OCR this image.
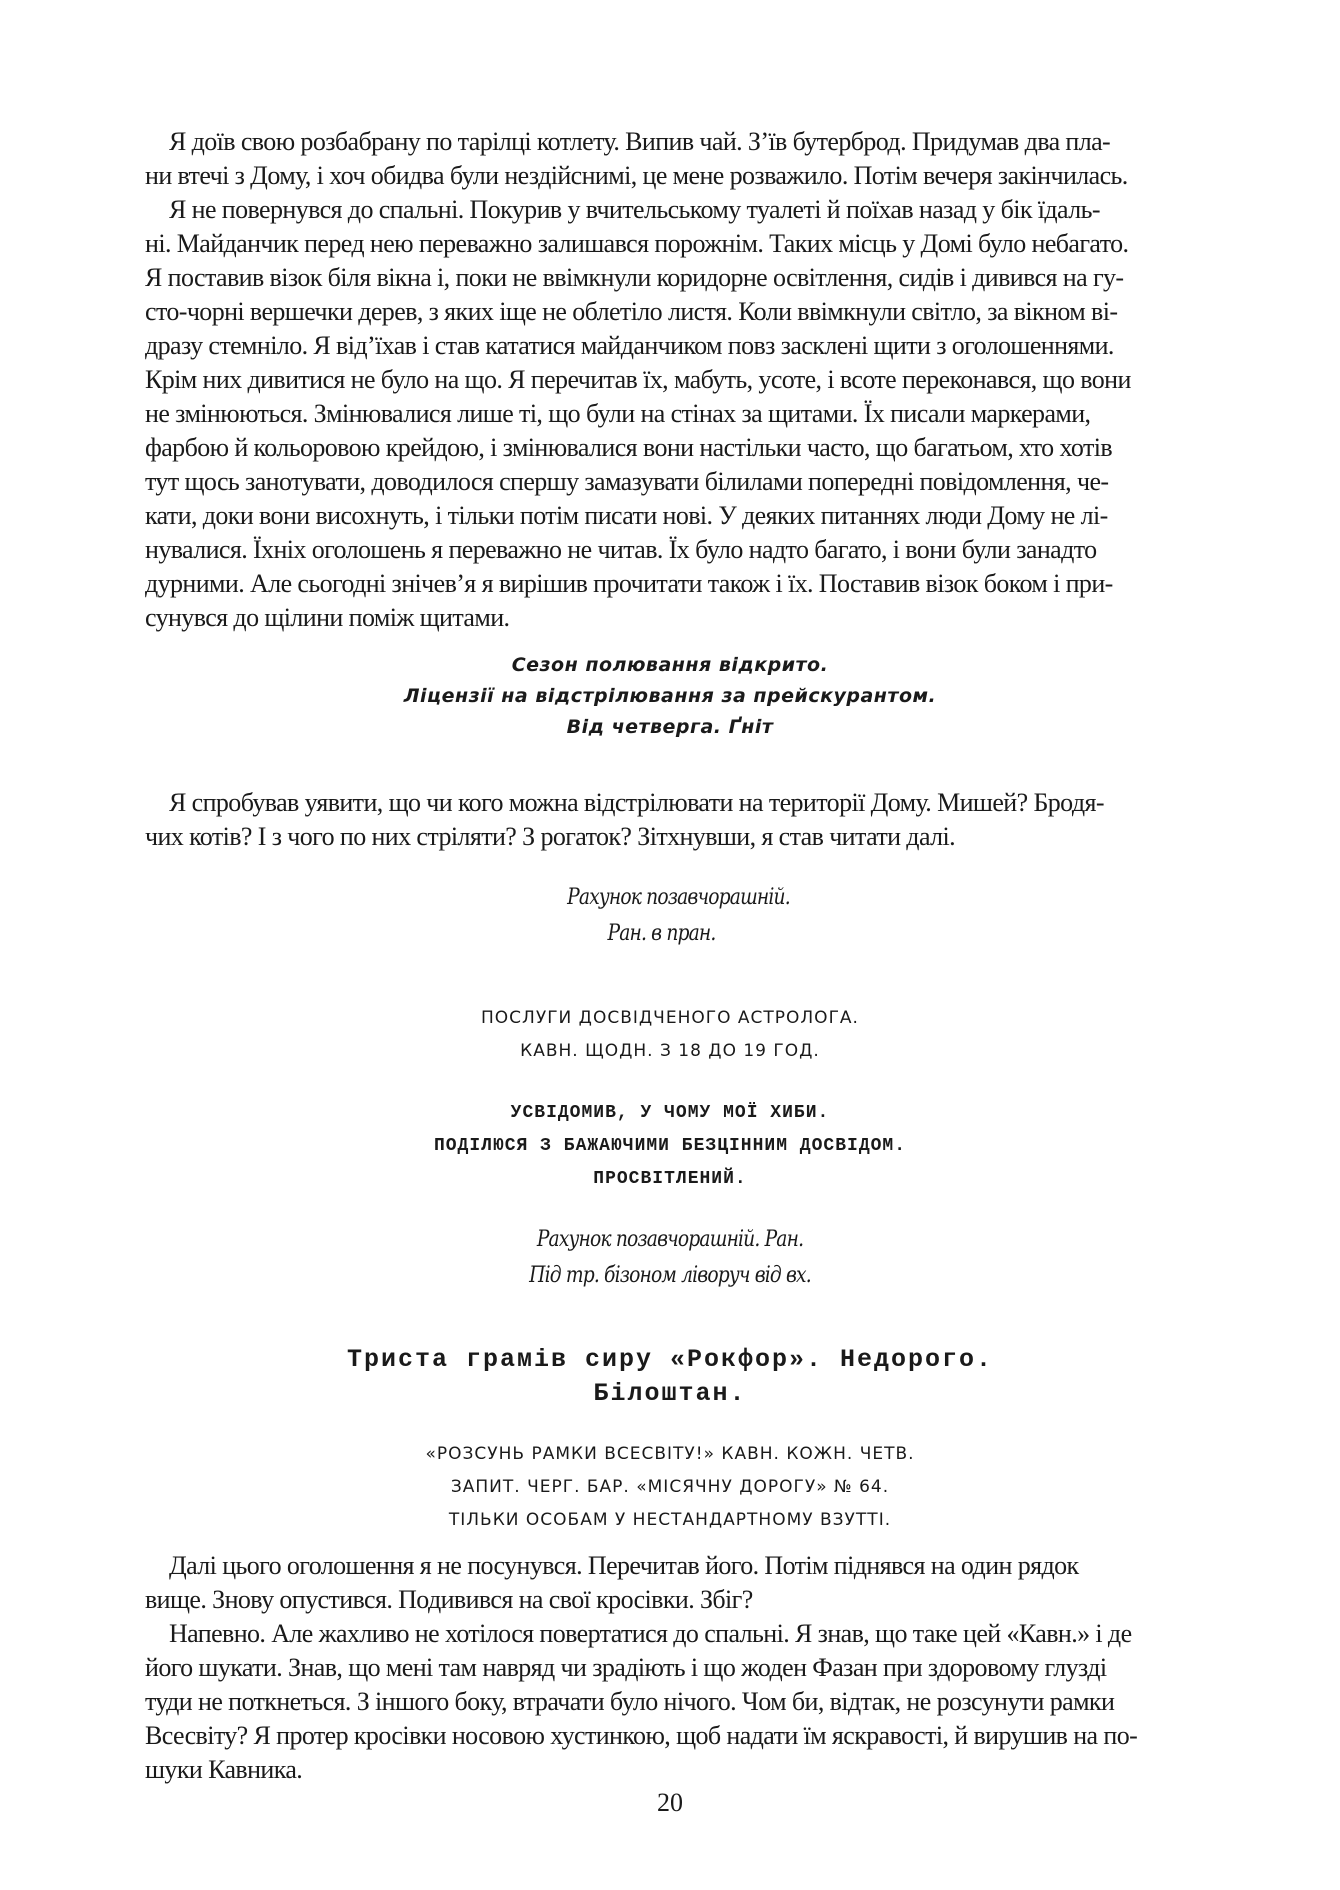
Я доїв свою розбабрану по тарілці котлету. Випив чай. З’їв бутерброд. Придумав два пла-
ни втечі з Дому, і хоч обидва були нездійснимі, це мене розважило. Потім вечеря закінчилась.
Я не повернувся до спальні. Покурив у вчительському туалеті й поїхав назад у бік їдаль-
ні. Майданчик перед нею переважно залишався порожнім. Таких місць у Домі було небагато.
Я поставив візок біля вікна і, поки не ввімкнули коридорне освітлення, сидів і дивився на гу-
сто-чорні вершечки дерев, з яких іще не облетіло листя. Коли ввімкнули світло, за вікном ві-
дразу стемніло. Я від’їхав і став кататися майданчиком повз засклені щити з оголошеннями.
Крім них дивитися не було на що. Я перечитав їх, мабуть, усоте, і всоте переконався, що вони
не змінюються. Змінювалися лише ті, що були на стінах за щитами. Їх писали маркерами,
фарбою й кольоровою крейдою, і змінювалися вони настільки часто, що багатьом, хто хотів
тут щось занотувати, доводилося спершу замазувати білилами попередні повідомлення, че-
кати, доки вони висохнуть, і тільки потім писати нові. У деяких питаннях люди Дому не лі-
нувалися. Їхніх оголошень я переважно не читав. Їх було надто багато, і вони були занадто
дурними. Але сьогодні знічев’я я вирішив прочитати також і їх. Поставив візок боком і при-
сунувся до щілини поміж щитами.
Сезон полювання відкрито.
Ліцензії на відстрілювання за прейскурантом.
Від четверга. Ґніт
Я спробував уявити, що чи кого можна відстрілювати на території Дому. Мишей? Бродя-
чих котів? І з чого по них стріляти? З рогаток? Зітхнувши, я став читати далі.
Рахунок позавчорашній.
Ран. в пран.
ПОСЛУГИ ДОСВІДЧЕНОГО АСТРОЛОГА.
КАВН. ЩОДН. З 18 ДО 19 ГОД.
УСВІДОМИВ, У ЧОМУ МОЇ ХИБИ.
ПОДІЛЮСЯ З БАЖАЮЧИМИ БЕЗЦІННИМ ДОСВІДОМ.
ПРОСВІТЛЕНИЙ.
Рахунок позавчорашній. Ран.
Під тр. бізоном ліворуч від вх.
Триста грамів сиру «Рокфор». Недорого.
Білоштан.
«РОЗСУНЬ РАМКИ ВСЕСВІТУ!» КАВН. КОЖН. ЧЕТВ.
ЗАПИТ. ЧЕРГ. БАР. «МІСЯЧНУ ДОРОГУ» № 64.
ТІЛЬКИ ОСОБАМ У НЕСТАНДАРТНОМУ ВЗУТТІ.
Далі цього оголошення я не посунувся. Перечитав його. Потім піднявся на один рядок
вище. Знову опустився. Подивився на свої кросівки. Збіг?
Напевно. Але жахливо не хотілося повертатися до спальні. Я знав, що таке цей «Кавн.» і де
його шукати. Знав, що мені там навряд чи зрадіють і що жоден Фазан при здоровому глузді
туди не поткнеться. З іншого боку, втрачати було нічого. Чом би, відтак, не розсунути рамки
Всесвіту? Я протер кросівки носовою хустинкою, щоб надати їм яскравості, й вирушив на по-
шуки Кавника.
20
